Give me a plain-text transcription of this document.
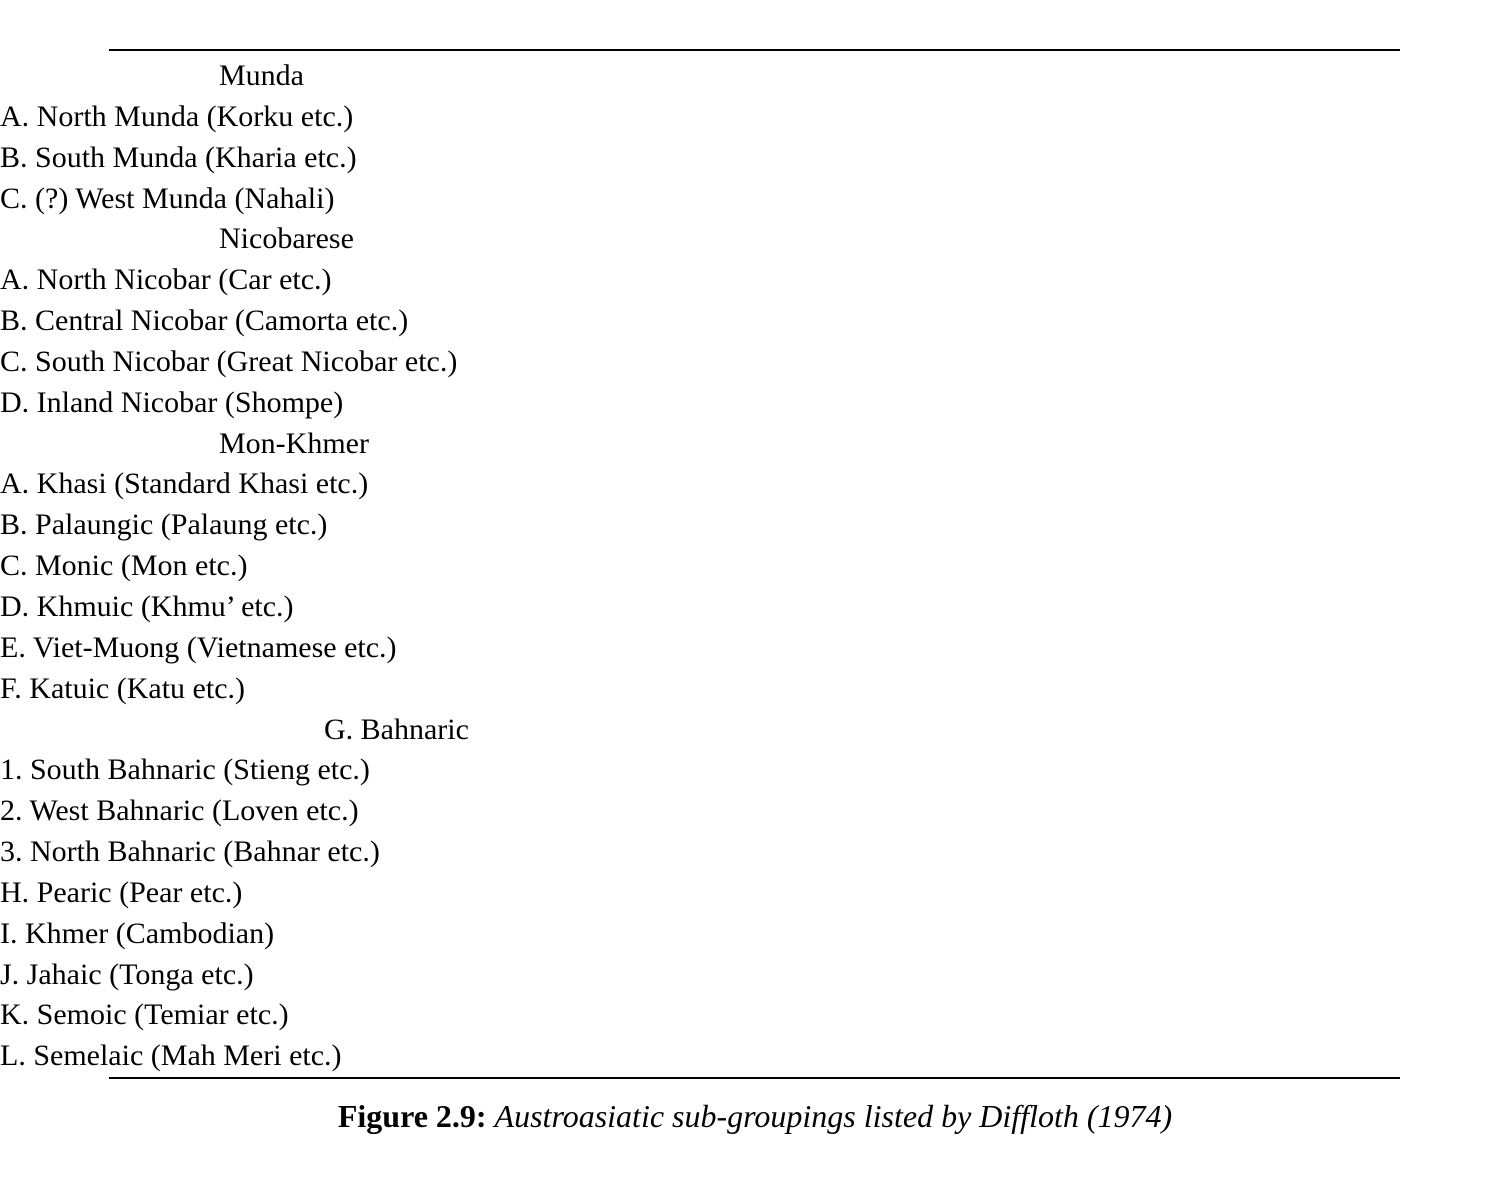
Munda
A. North Munda (Korku etc.)
B. South Munda (Kharia etc.)
C. (?) West Munda (Nahali)
Nicobarese
A. North Nicobar (Car etc.)
B. Central Nicobar (Camorta etc.)
C. South Nicobar (Great Nicobar etc.)
D. Inland Nicobar (Shompe)
Mon-Khmer
A. Khasi (Standard Khasi etc.)
B. Palaungic (Palaung etc.)
C. Monic (Mon etc.)
D. Khmuic (Khmu’ etc.)
E. Viet-Muong (Vietnamese etc.)
F. Katuic (Katu etc.)
G. Bahnaric
1. South Bahnaric (Stieng etc.)
2. West Bahnaric (Loven etc.)
3. North Bahnaric (Bahnar etc.)
H. Pearic (Pear etc.)
I. Khmer (Cambodian)
J. Jahaic (Tonga etc.)
K. Semoic (Temiar etc.)
L. Semelaic (Mah Meri etc.)
Figure 2.9: Austroasiatic sub-groupings listed by Diffloth (1974)
